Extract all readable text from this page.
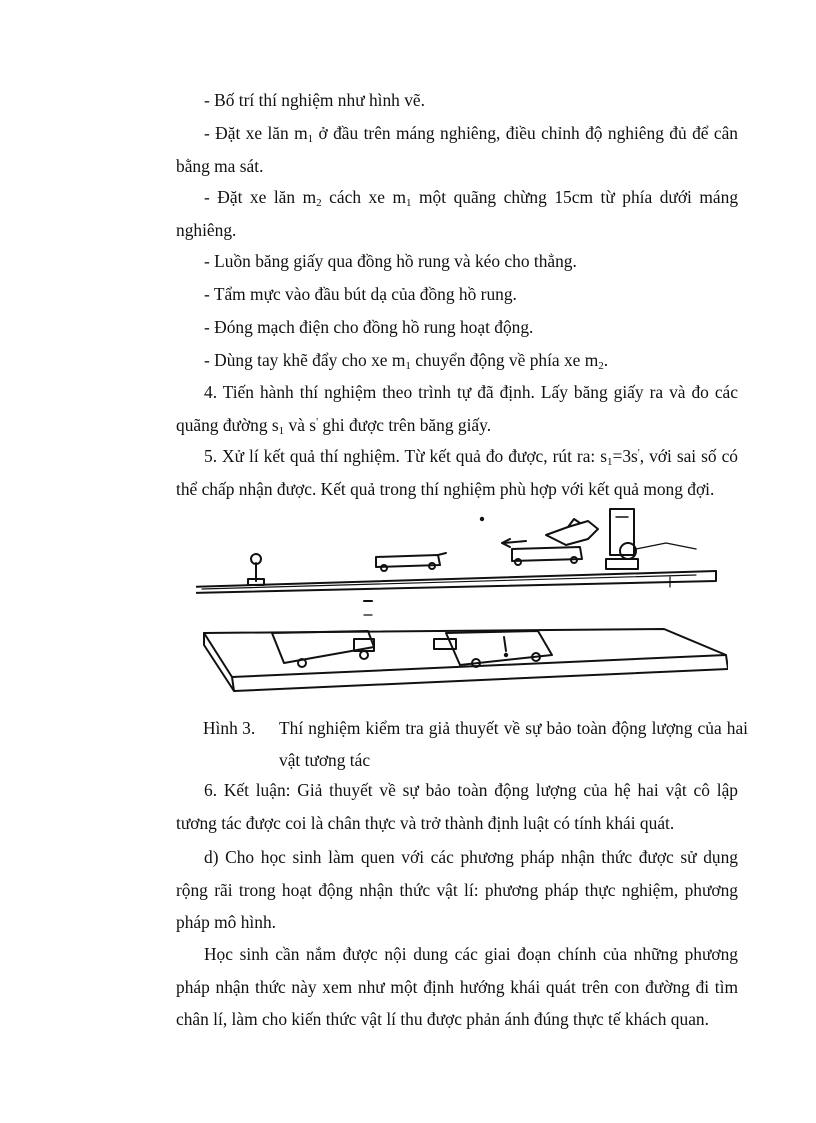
- Bố trí thí nghiệm như hình vẽ.

- Đặt xe lăn $m_1$ ở đầu trên máng nghiêng, điều chỉnh độ nghiêng đủ để cân bằng ma sát.

- Đặt xe lăn $m_2$ cách xe $m_1$ một quãng chừng 15cm từ phía dưới máng nghiêng.

- Luồn băng giấy qua đồng hồ rung và kéo cho thẳng.

- Tẩm mực vào đầu bút dạ của đồng hồ rung.

- Đóng mạch điện cho đồng hồ rung hoạt động.

- Dùng tay khẽ đẩy cho xe $m_1$ chuyển động về phía xe $m_2$.

4. Tiến hành thí nghiệm theo trình tự đã định. Lấy băng giấy ra và đo các quãng đường $s_1$ và s' ghi được trên băng giấy.

5. Xử lí kết quả thí nghiệm. Từ kết quả đo được, rút ra: $s_1=3s'$, với sai số có thể chấp nhận được. Kết quả trong thí nghiệm phù hợp với kết quả mong đợi.

Hình 3. Thí nghiệm kiểm tra giả thuyết về sự bảo toàn động lượng của hai vật tương tác

6. Kết luận: Giả thuyết về sự bảo toàn động lượng của hệ hai vật cô lập tương tác được coi là chân thực và trở thành định luật có tính khái quát.

d) Cho học sinh làm quen với các phương pháp nhận thức được sử dụng rộng rãi trong hoạt động nhận thức vật lí: phương pháp thực nghiệm, phương pháp mô hình.

Học sinh cần nắm được nội dung các giai đoạn chính của những phương pháp nhận thức này xem như một định hướng khái quát trên con đường đi tìm chân lí, làm cho kiến thức vật lí thu được phản ánh đúng thực tế khách quan.
